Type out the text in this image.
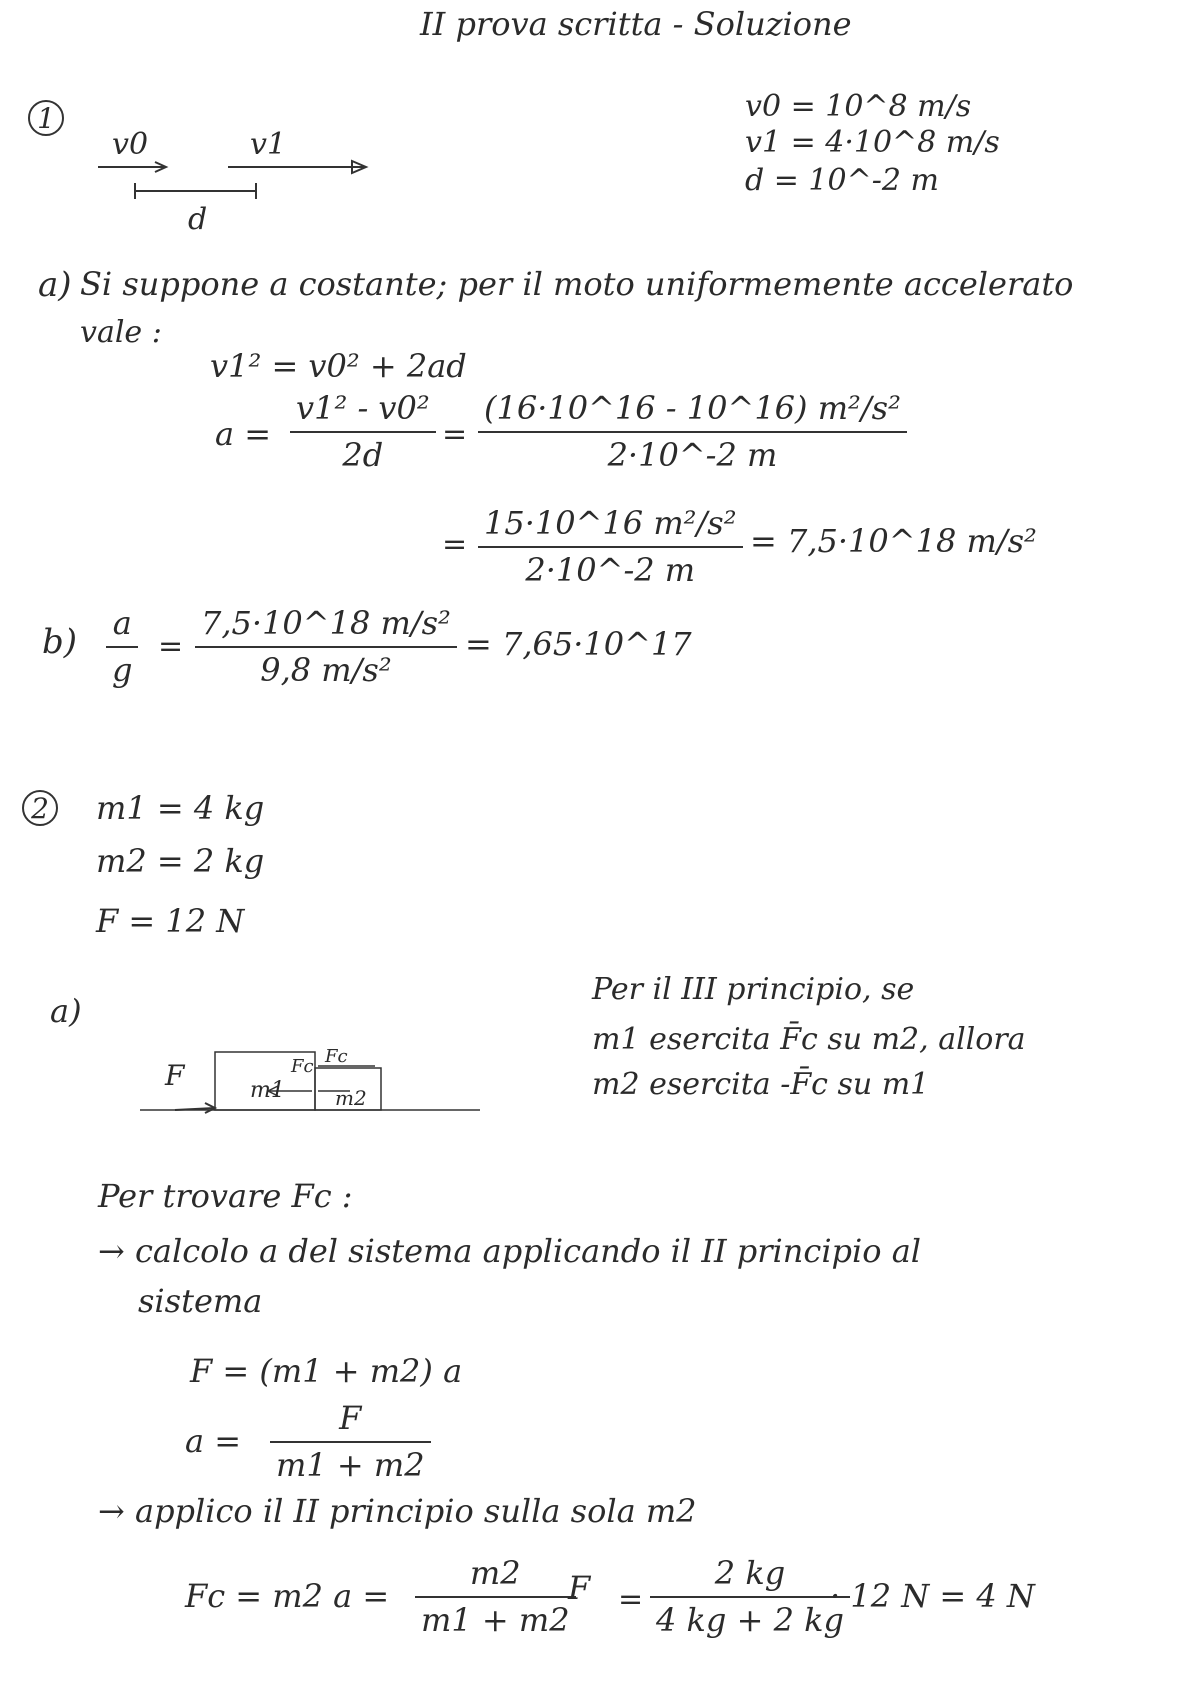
II prova scritta - Soluzione
1
v0	v1
d
v0 = 10^8 m/s
v1 = 4·10^8 m/s
d = 10^-2 m
a) Si suppone a costante; per il moto uniformemente accelerato
vale :
v1² = v0² + 2ad
a =
v1² - v0²
2d
=
(16·10^16 - 10^16) m²/s²
2·10^-2 m
=
15·10^16 m²/s²
2·10^-2 m
= 7,5·10^18 m/s²
b) a
g
=
7,5·10^18 m/s²
9,8 m/s²
= 7,65·10^17
2 m1 = 4 kg
m2 = 2 kg
F = 12 N
a)
F	m1	m2
Fc Fc
Per il III principio, se
m1 esercita F̄c su m2, allora
m2 esercita -F̄c su m1
Per trovare Fc :
→ calcolo a del sistema applicando il II principio al
sistema
F = (m1 + m2) a
a =
F
m1 + m2
→ applico il II principio sulla sola m2
Fc = m2 a =
m2
m1 + m2
F =
2 kg
4 kg + 2 kg
· 12 N = 4 N
